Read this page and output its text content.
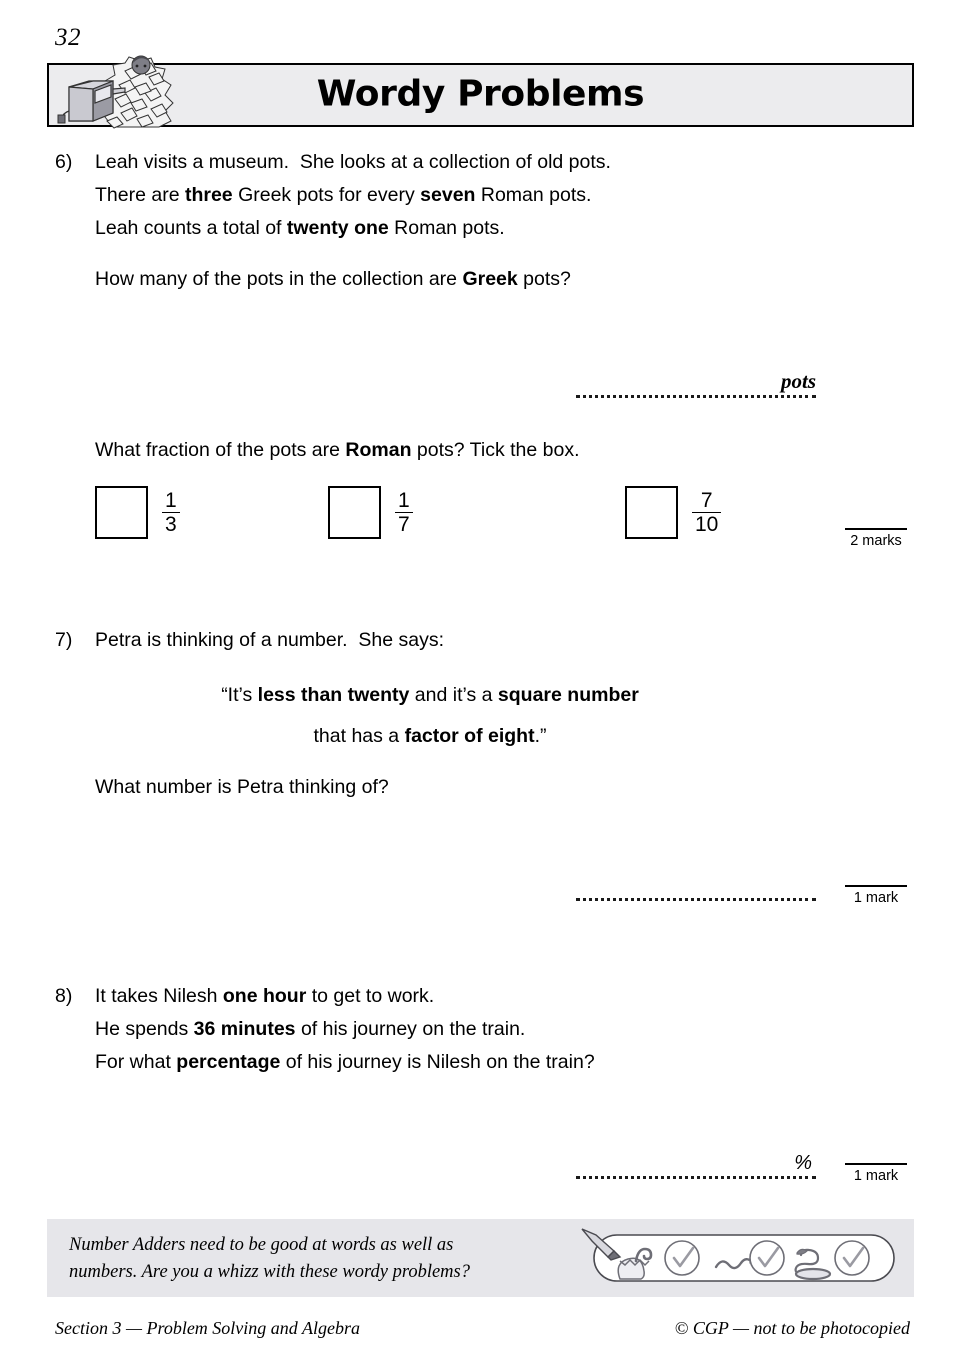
32
Wordy Problems
6)	Leah visits a museum.  She looks at a collection of old pots.
There are three Greek pots for every seven Roman pots.
Leah counts a total of twenty one Roman pots.
How many of the pots in the collection are Greek pots?
pots
What fraction of the pots are Roman pots? Tick the box.
$\frac{1}{3}$	$\frac{1}{7}$	$\frac{7}{10}$
2 marks
7)	Petra is thinking of a number.  She says:
“It’s less than twenty and it’s a square number
that has a factor of eight.”
What number is Petra thinking of?
1 mark
8)	It takes Nilesh one hour to get to work.
He spends 36 minutes of his journey on the train.
For what percentage of his journey is Nilesh on the train?
%
1 mark
Number Adders need to be good at words as well as
numbers. Are you a whizz with these wordy problems?
Section 3 — Problem Solving and Algebra	© CGP — not to be photocopied
